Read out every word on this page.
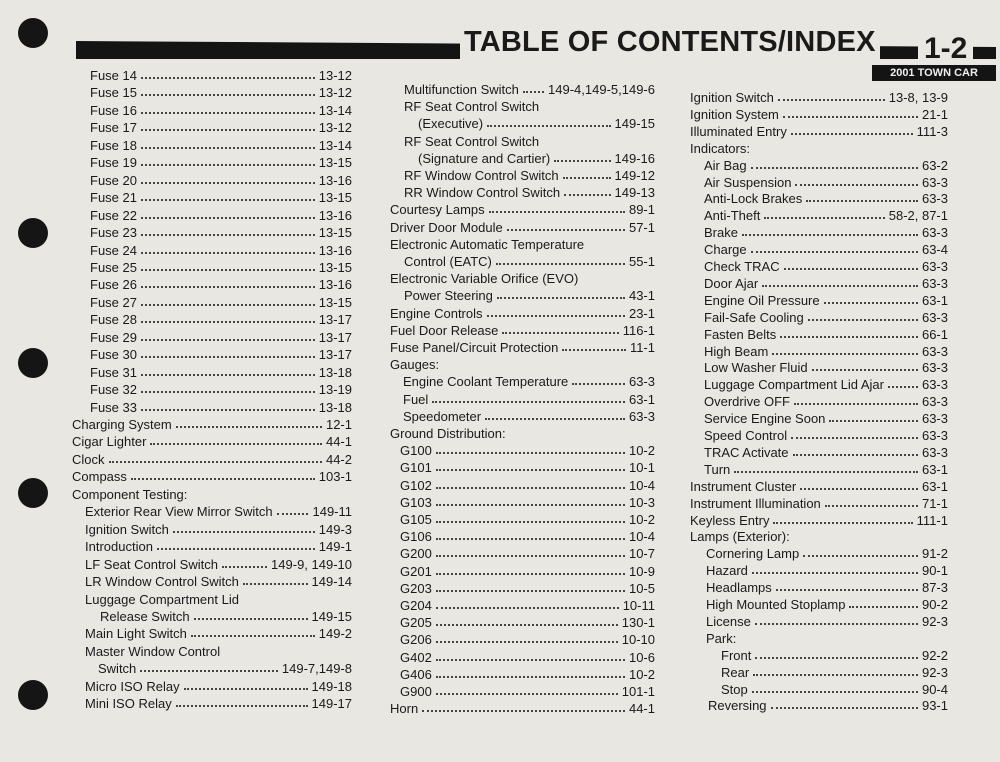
TABLE OF CONTENTS/INDEX 1-2
2001 TOWN CAR
Fuse 14	13-12
Fuse 15	13-12
Fuse 16	13-14
Fuse 17	13-12
Fuse 18	13-14
Fuse 19	13-15
Fuse 20	13-16
Fuse 21	13-15
Fuse 22	13-16
Fuse 23	13-15
Fuse 24	13-16
Fuse 25	13-15
Fuse 26	13-16
Fuse 27	13-15
Fuse 28	13-17
Fuse 29	13-17
Fuse 30	13-17
Fuse 31	13-18
Fuse 32	13-19
Fuse 33	13-18
Charging System	12-1
Cigar Lighter	44-1
Clock	44-2
Compass	103-1
Component Testing:
Exterior Rear View Mirror Switch	149-11
Ignition Switch	149-3
Introduction	149-1
LF Seat Control Switch	149-9, 149-10
LR Window Control Switch	149-14
Luggage Compartment Lid
Release Switch	149-15
Main Light Switch	149-2
Master Window Control
Switch	149-7,149-8
Micro ISO Relay	149-18
Mini ISO Relay	149-17
Multifunction Switch 149-4,149-5,149-6
RF Seat Control Switch
(Executive)	149-15
RF Seat Control Switch
(Signature and Cartier)	149-16
RF Window Control Switch	149-12
RR Window Control Switch	149-13
Courtesy Lamps	89-1
Driver Door Module	57-1
Electronic Automatic Temperature
Control (EATC)	55-1
Electronic Variable Orifice (EVO)
Power Steering	43-1
Engine Controls	23-1
Fuel Door Release	116-1
Fuse Panel/Circuit Protection	11-1
Gauges:
Engine Coolant Temperature	63-3
Fuel	63-1
Speedometer	63-3
Ground Distribution:
G100	10-2
G101	10-1
G102	10-4
G103	10-3
G105	10-2
G106	10-4
G200	10-7
G201	10-9
G203	10-5
G204	10-11
G205	130-1
G206	10-10
G402	10-6
G406	10-2
G900	101-1
Horn	44-1
Ignition Switch	13-8, 13-9
Ignition System	21-1
Illuminated Entry	111-3
Indicators:
Air Bag	63-2
Air Suspension	63-3
Anti-Lock Brakes	63-3
Anti-Theft	58-2, 87-1
Brake	63-3
Charge	63-4
Check TRAC	63-3
Door Ajar	63-3
Engine Oil Pressure	63-1
Fail-Safe Cooling	63-3
Fasten Belts	66-1
High Beam	63-3
Low Washer Fluid	63-3
Luggage Compartment Lid Ajar	63-3
Overdrive OFF	63-3
Service Engine Soon	63-3
Speed Control	63-3
TRAC Activate	63-3
Turn	63-1
Instrument Cluster	63-1
Instrument Illumination	71-1
Keyless Entry	111-1
Lamps (Exterior):
Cornering Lamp	91-2
Hazard	90-1
Headlamps	87-3
High Mounted Stoplamp	90-2
License	92-3
Park:
Front	92-2
Rear	92-3
Stop	90-4
Reversing	93-1
